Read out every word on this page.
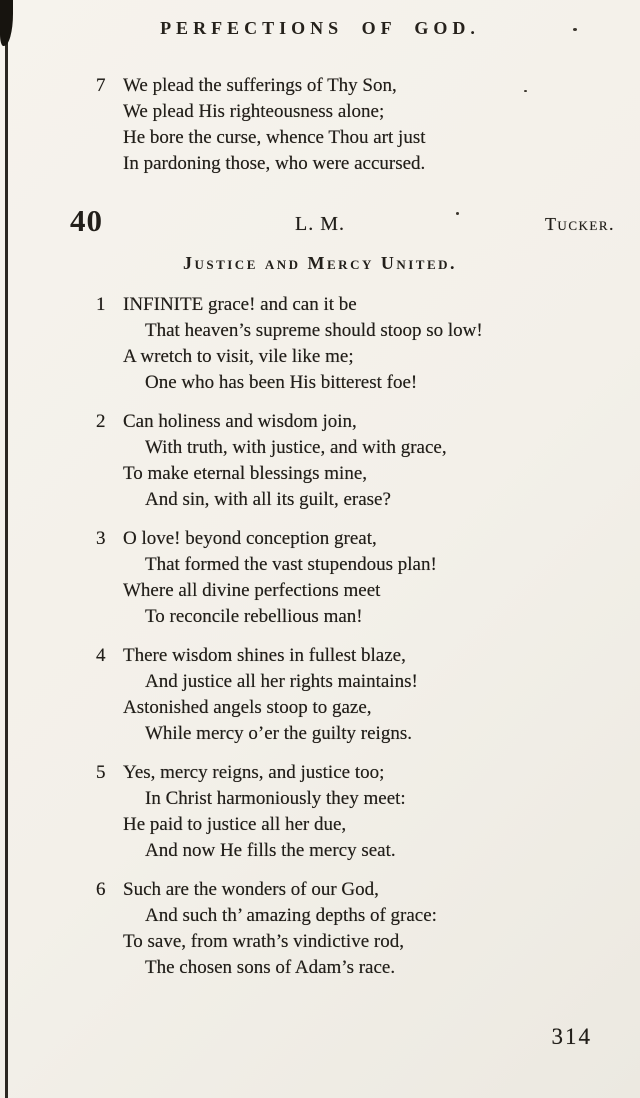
PERFECTIONS OF GOD.
7 We plead the sufferings of Thy Son,
We plead His righteousness alone;
He bore the curse, whence Thou art just
In pardoning those, who were accursed.
40	L. M.	Tucker.
Justice and Mercy United.
1 INFINITE grace! and can it be
That heaven’s supreme should stoop so low!
A wretch to visit, vile like me;
One who has been His bitterest foe!
2 Can holiness and wisdom join,
With truth, with justice, and with grace,
To make eternal blessings mine,
And sin, with all its guilt, erase?
3 O love! beyond conception great,
That formed the vast stupendous plan!
Where all divine perfections meet
To reconcile rebellious man!
4 There wisdom shines in fullest blaze,
And justice all her rights maintains!
Astonished angels stoop to gaze,
While mercy o’er the guilty reigns.
5 Yes, mercy reigns, and justice too;
In Christ harmoniously they meet:
He paid to justice all her due,
And now He fills the mercy seat.
6 Such are the wonders of our God,
And such th’ amazing depths of grace:
To save, from wrath’s vindictive rod,
The chosen sons of Adam’s race.
314
